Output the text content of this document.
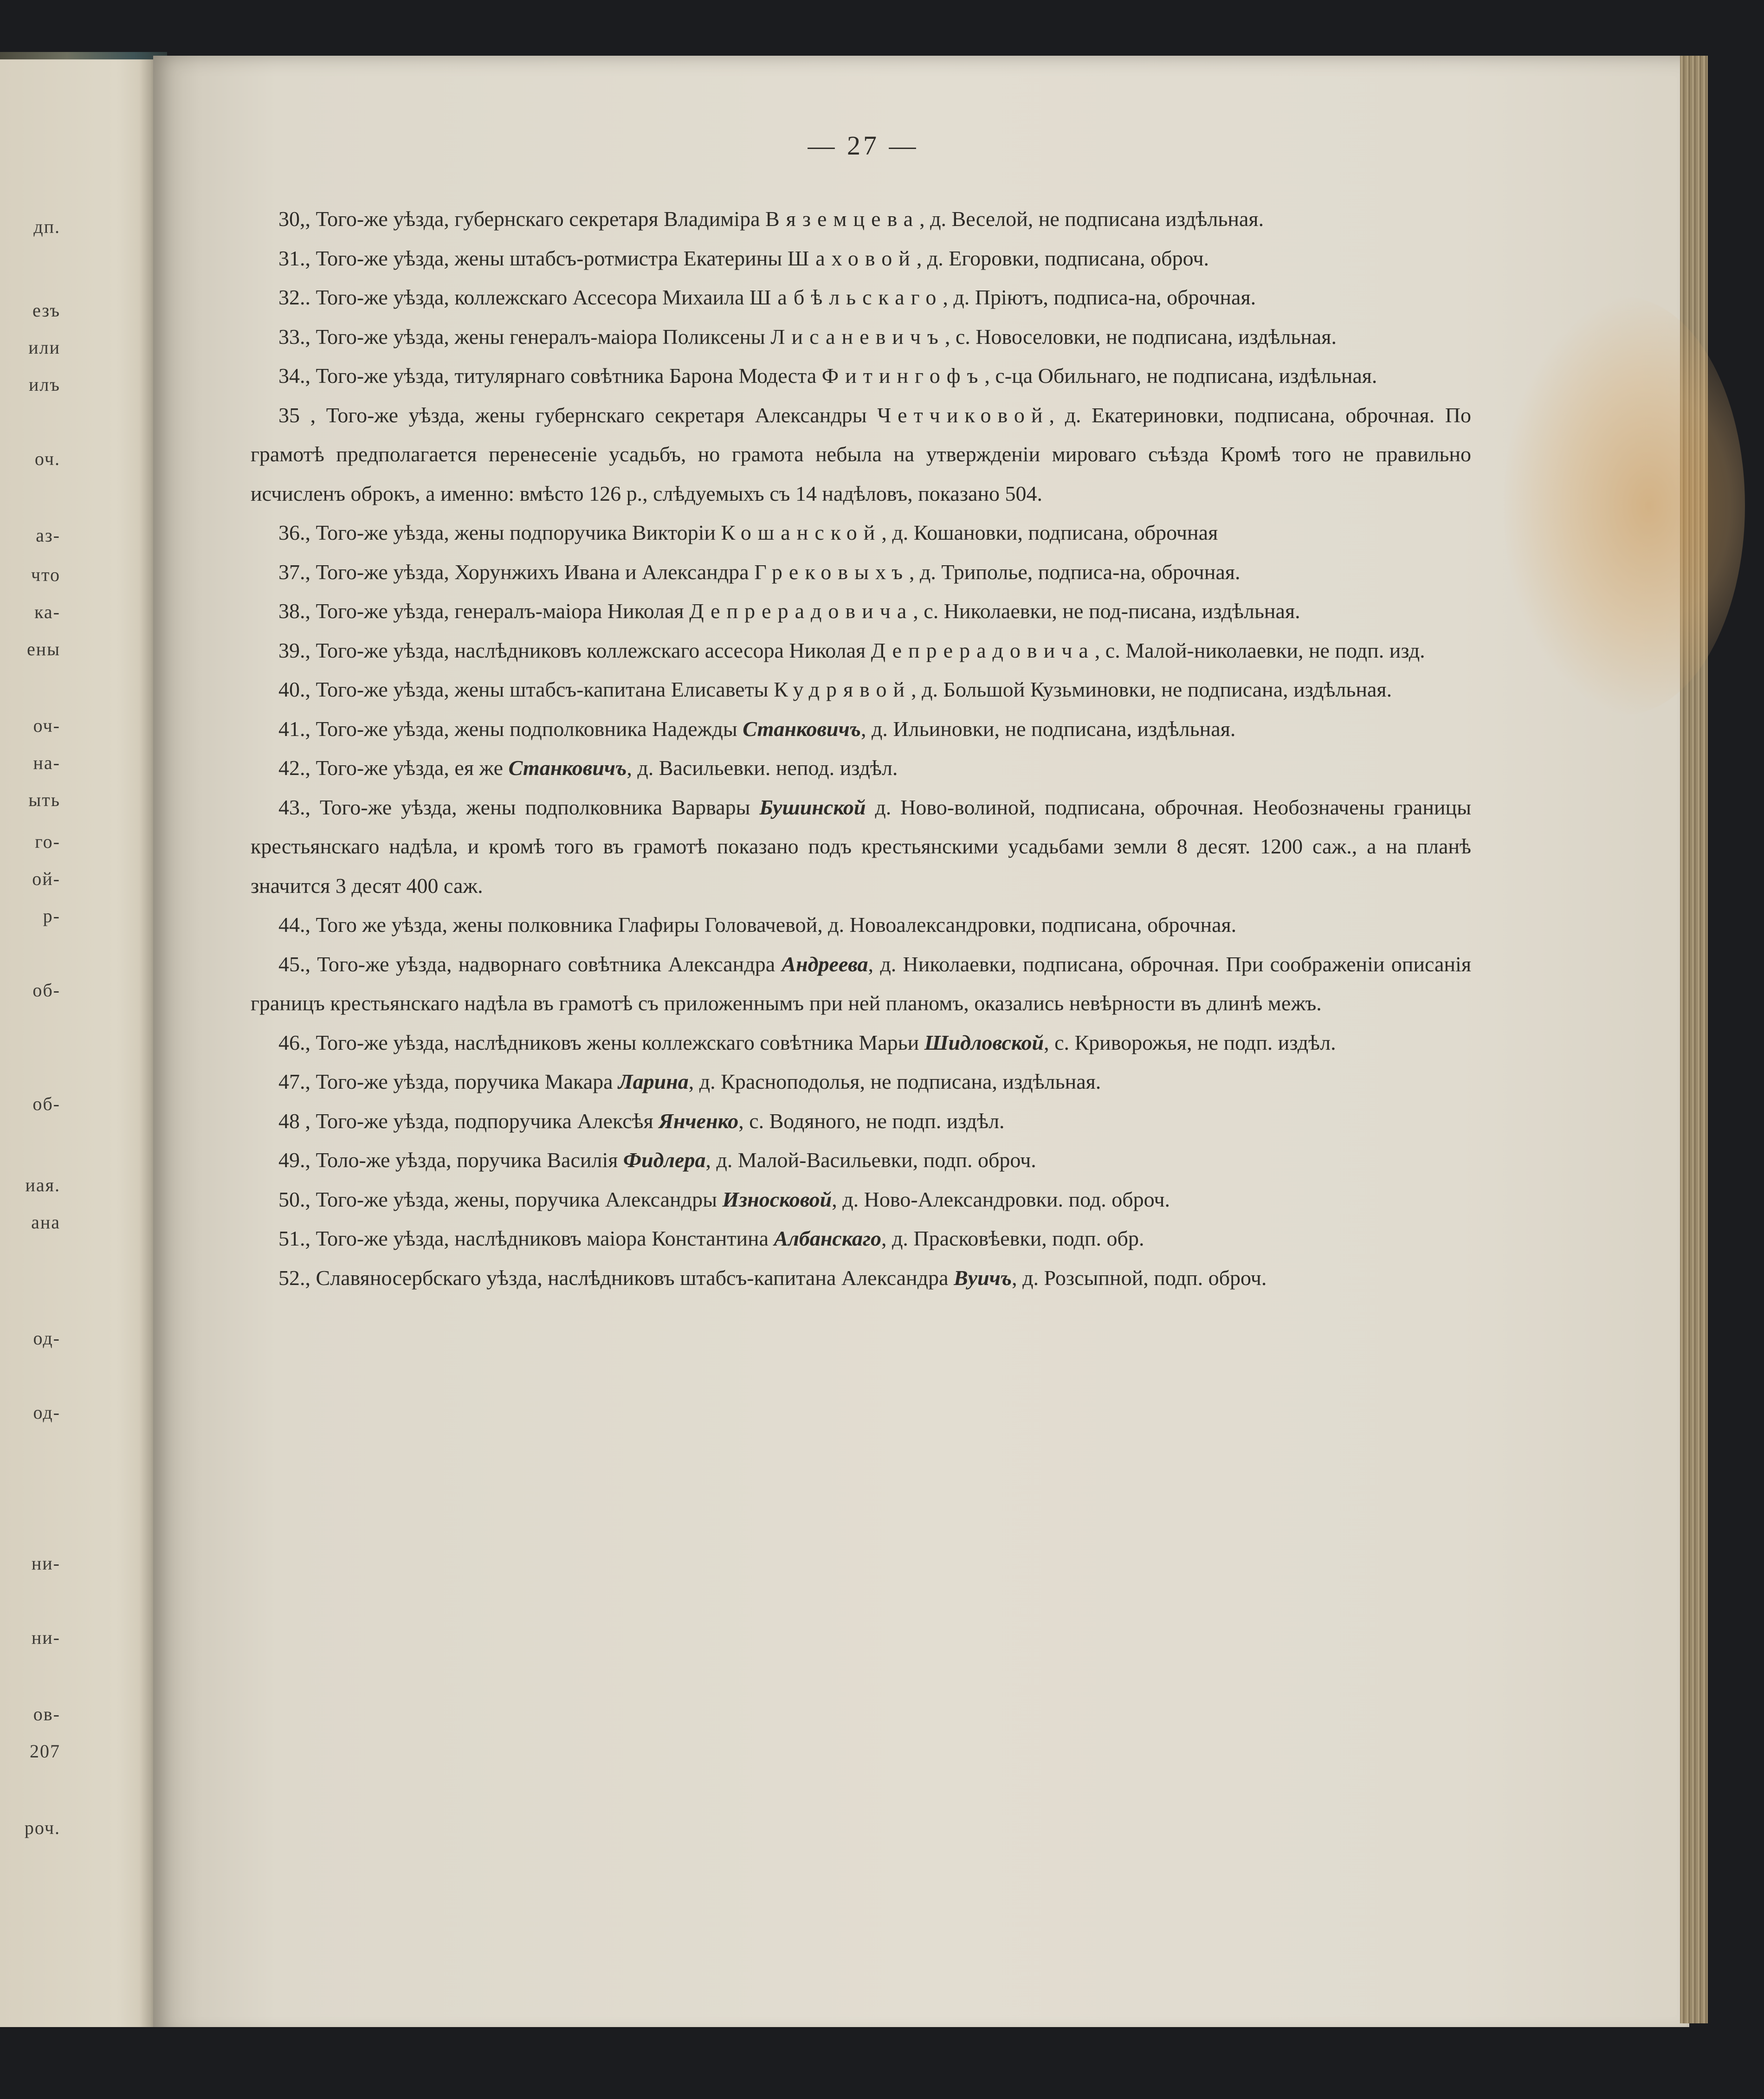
дп.
езъ
или
илъ
оч.
аз-
что
ка-
ены
оч-
на-
ыть
го-
ой-
р-
об-
об-
иая.
ана
од-
од-
ни-
ни-
ов-
207
роч.
— 27 —

30,, Того-же уѣзда, губернскаго секретаря Владиміра Вяземцева, д. Веселой, не подписана издѣльная.

31., Того-же уѣзда, жены штабсъ-ротмистра Екатерины Шаховой, д. Егоровки, подписана, оброч.

32.. Того-же уѣзда, коллежскаго Ассесора Михаила Шабѣльскаго, д. Пріютъ, подписа-на, оброчная.

33., Того-же уѣзда, жены генералъ-маіора Поликсены Лисаневичъ, с. Новоселовки, не подписана, издѣльная.

34., Того-же уѣзда, титулярнаго совѣтника Барона Модеста Фитингофъ, с-ца Обильнаго, не подписана, издѣльная.

35 , Того-же уѣзда, жены губернскаго секретаря Александры Четчиковой, д. Екатериновки, подписана, оброчная. По грамотѣ предполагается перенесеніе усадьбъ, но грамота небыла на утвержденіи мироваго съѣзда Кромѣ того не правильно исчисленъ оброкъ, а именно: вмѣсто 126 р., слѣдуемыхъ съ 14 надѣловъ, показано 504.

36., Того-же уѣзда, жены подпоручика Викторіи Кошанской, д. Кошановки, подписана, оброчная

37., Того-же уѣзда, Хорунжихъ Ивана и Александра Грековыхъ, д. Триполье, подписа-на, оброчная.

38., Того-же уѣзда, генералъ-маіора Николая Депрерадовича, с. Николаевки, не под-писана, издѣльная.

39., Того-же уѣзда, наслѣдниковъ коллежскаго ассесора Николая Депрерадовича, с. Малой-николаевки, не подп. изд.

40., Того-же уѣзда, жены штабсъ-капитана Елисаветы Кудрявой, д. Большой Кузьминовки, не подписана, издѣльная.

41., Того-же уѣзда, жены подполковника Надежды Станковичъ, д. Ильиновки, не подписана, издѣльная.

42., Того-же уѣзда, ея же Станковичъ, д. Васильевки. непод. издѣл.

43., Того-же уѣзда, жены подполковника Варвары Бушинской д. Ново-волиной, подписана, оброчная. Необозначены границы крестьянскаго надѣла, и кромѣ того въ грамотѣ показано подъ крестьянскими усадьбами земли 8 десят. 1200 саж., а на планѣ значится 3 десят 400 саж.

44., Того же уѣзда, жены полковника Глафиры Головачевой, д. Новоалександровки, подписана, оброчная.

45., Того-же уѣзда, надворнаго совѣтника Александра Андреева, д. Николаевки, подписана, оброчная. При соображеніи описанія границъ крестьянскаго надѣла въ грамотѣ съ приложеннымъ при ней планомъ, оказались невѣрности въ длинѣ межъ.

46., Того-же уѣзда, наслѣдниковъ жены коллежскаго совѣтника Марьи Шидловской, с. Криворожья, не подп. издѣл.

47., Того-же уѣзда, поручика Макара Ларина, д. Краснoподолья, не подписана, издѣльная.

48 , Того-же уѣзда, подпоручика Алексѣя Янченко, с. Водяного, не подп. издѣл.

49., Толо-же уѣзда, поручика Василія Фидлера, д. Малой-Васильевки, подп. оброч.

50., Того-же уѣзда, жены, поручика Александры Износковой, д. Ново-Александровки. под. оброч.

51., Того-же уѣзда, наслѣдниковъ маіора Константина Албанскаго, д. Прасковѣевки, подп. обр.

52., Славяносербскаго уѣзда, наслѣдниковъ штабсъ-капитана Александра Вуичъ, д. Розсыпной, подп. оброч.
